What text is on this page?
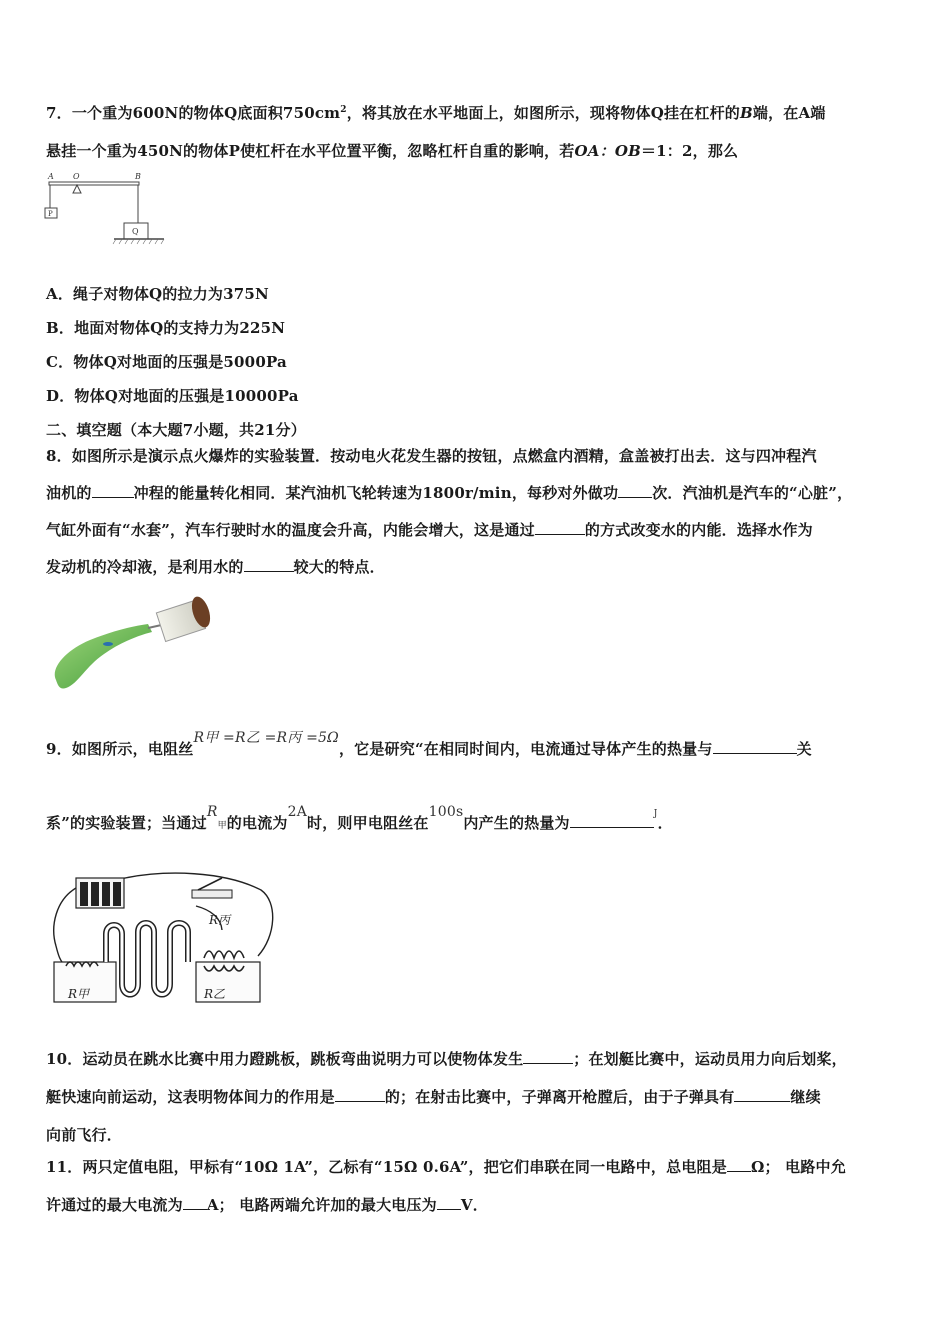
7．一个重为600N的物体Q底面积$750cm^2$，将其放在水平地面上，如图所示，现将物体Q挂在杠杆的B端，在A端
悬挂一个重为450N的物体P使杠杆在水平位置平衡，忽略杠杆自重的影响，若OA：OB＝1：2，那么
A O	B
P
Q
A．绳子对物体Q的拉力为375N
B．地面对物体Q的支持力为225N
C．物体Q对地面的压强是5000Pa
D．物体Q对地面的压强是10000Pa
二、填空题（本大题7小题，共21分）
8．如图所示是演示点火爆炸的实验装置．按动电火花发生器的按钮，点燃盒内酒精，盒盖被打出去．这与四冲程汽
油机的	冲程的能量转化相同．某汽油机飞轮转速为1800r/min，每秒对外做功 次．汽油机是汽车的“心脏”，
气缸外面有“水套”，汽车行驶时水的温度会升高，内能会增大，这是通过	的方式改变水的内能．选择水作为
发动机的冷却液，是利用水的	较大的特点．
9．如图所示，电阻丝R甲 =R乙 =R丙 =5Ω，它是研究“在相同时间内，电流通过导体产生的热量与	关
系”的实验装置；当通过R甲的电流为2A时，则甲电阻丝在100s内产生的热量为	$^J$．
R丙
R甲	R乙
10．运动员在跳水比赛中用力蹬跳板，跳板弯曲说明力可以使物体发生	；在划艇比赛中，运动员用力向后划桨，
艇快速向前运动，这表明物体间力的作用是	的；在射击比赛中，子弹离开枪膛后，由于子弹具有	继续
向前飞行．
11．两只定值电阻，甲标有“10Ω 1A”，乙标有“15Ω 0.6A”，把它们串联在同一电路中，总电阻是 Ω； 电路中允
许通过的最大电流为 A； 电路两端允许加的最大电压为 V．
